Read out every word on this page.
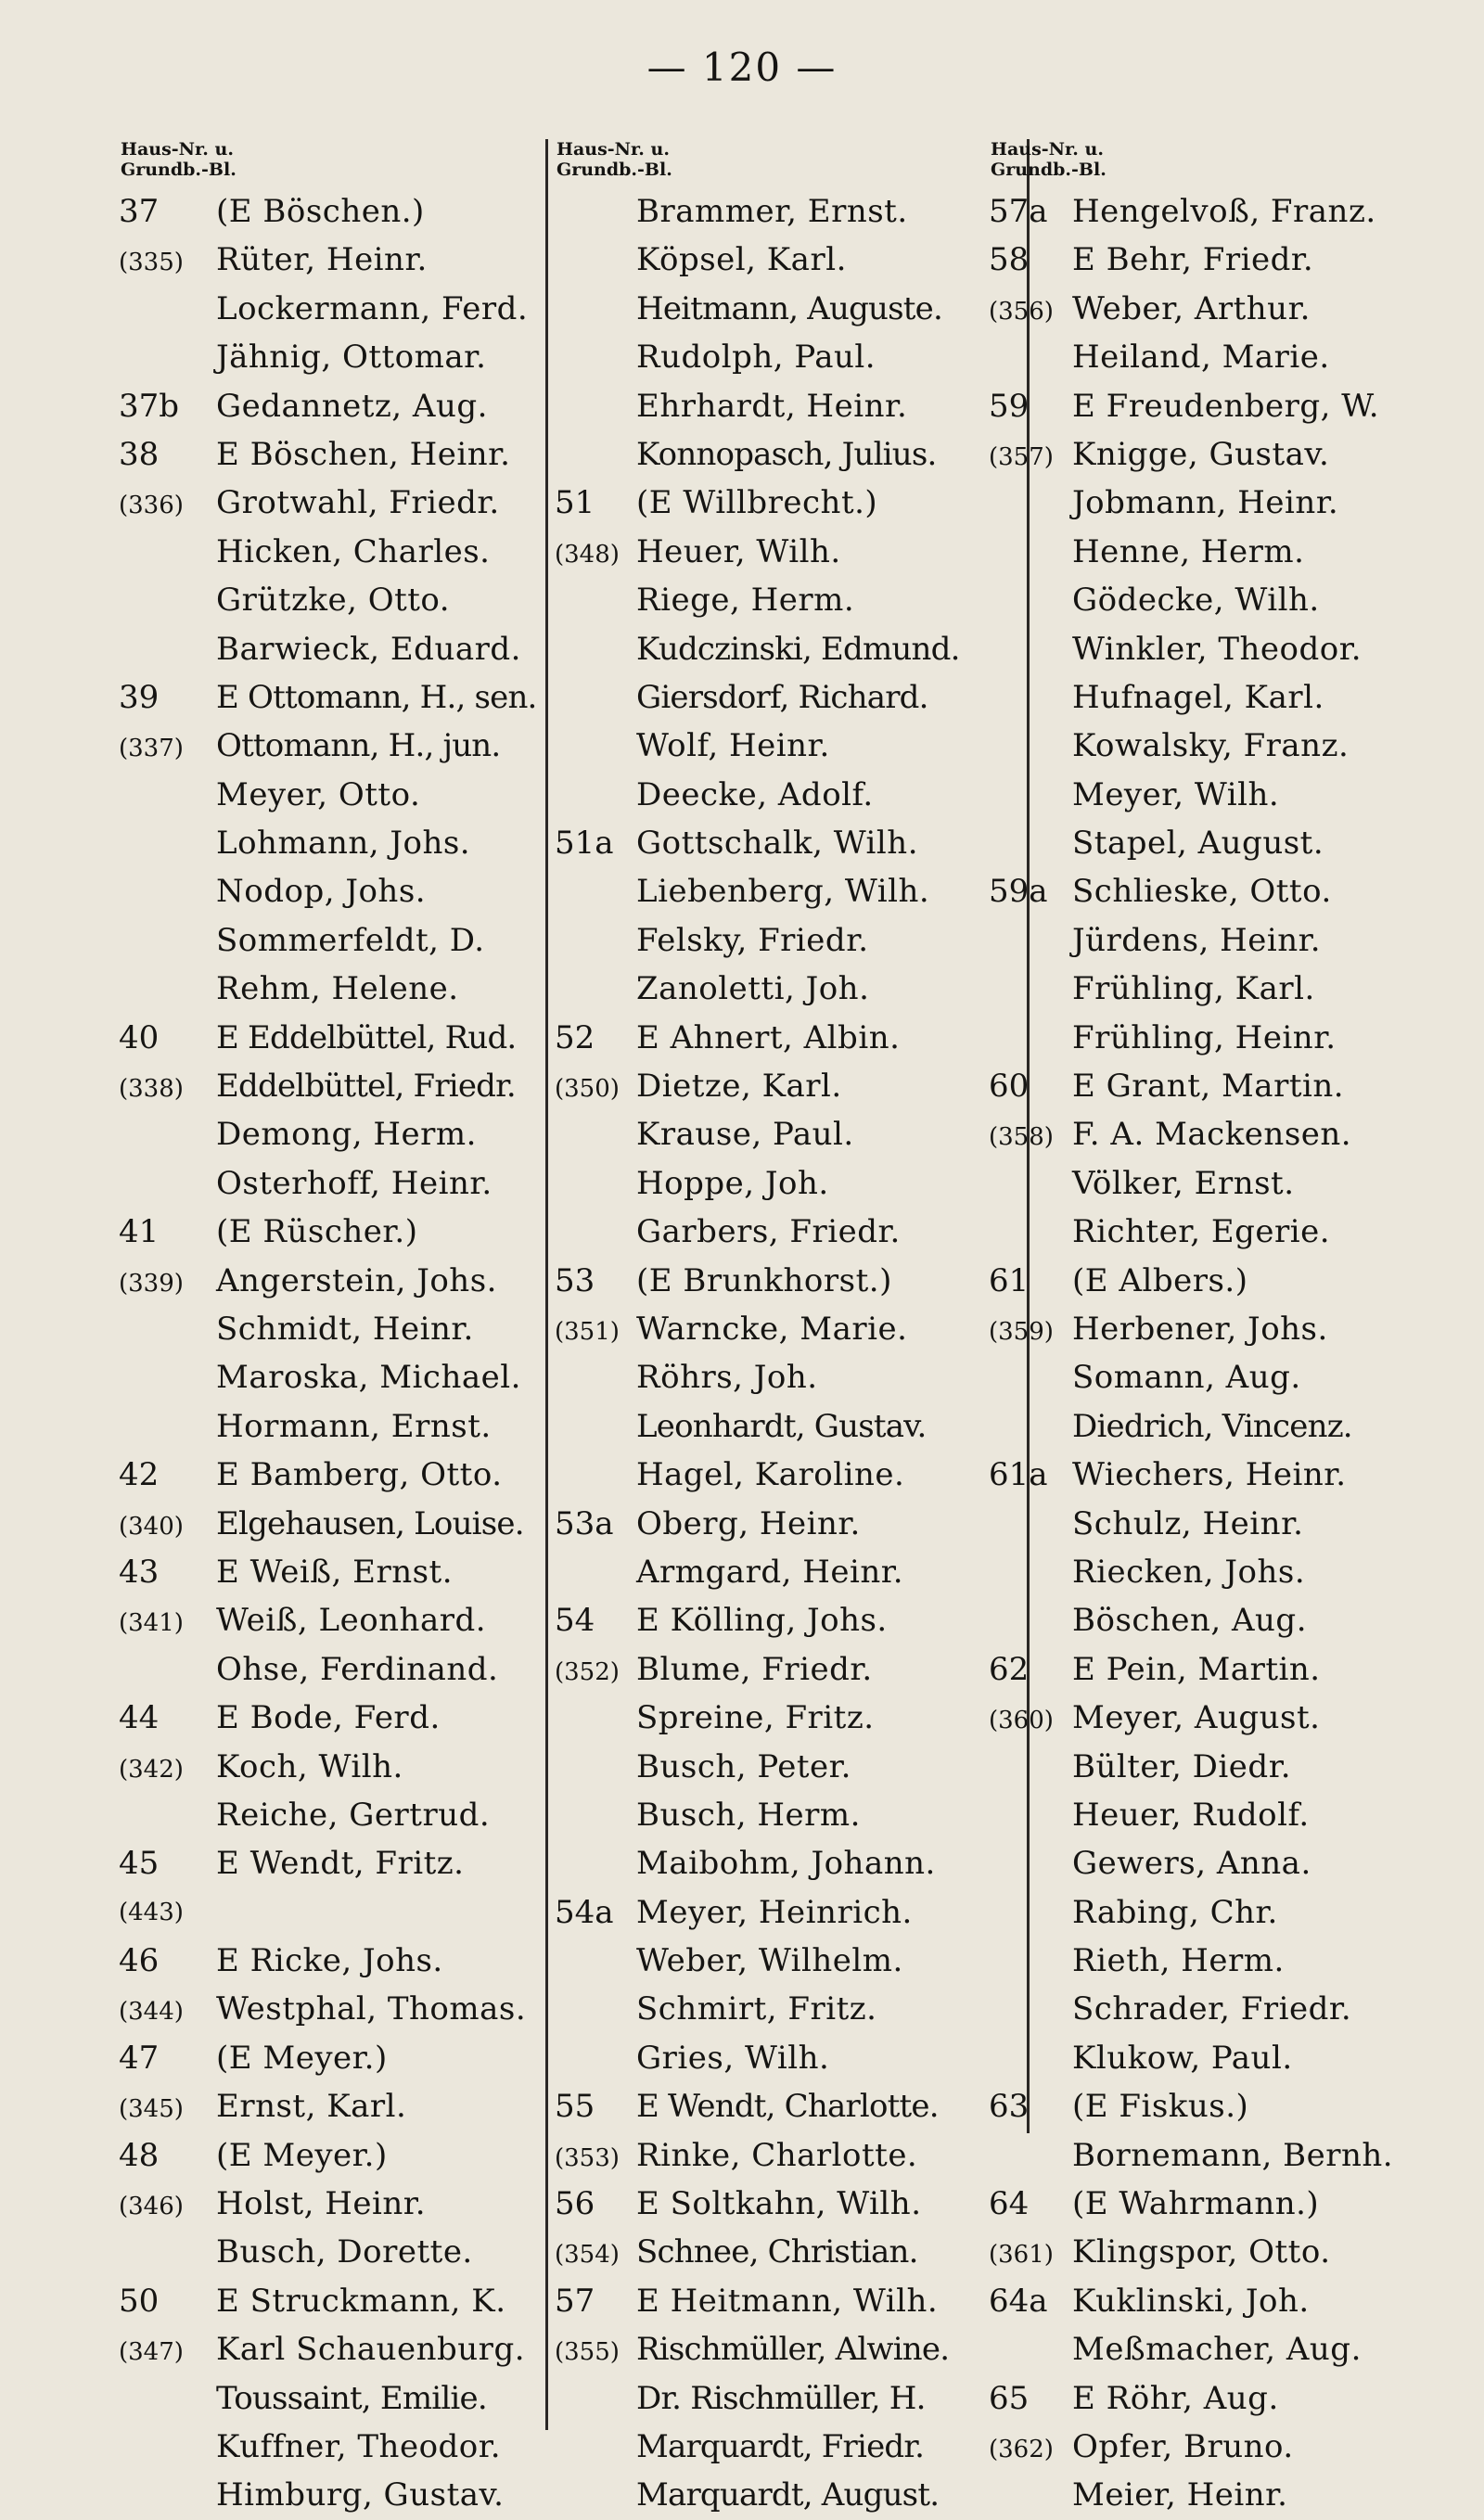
— 120 —
Haus-Nr. u.
Grundb.-Bl.
37	(E Böschen.)
(335)	Rüter, Heinr.
Lockermann, Ferd.
Jähnig, Ottomar.
37b	Gedannetz, Aug.
38	E Böschen, Heinr.
(336)	Grotwahl, Friedr.
Hicken, Charles.
Grützke, Otto.
Barwieck, Eduard.
39	E Ottomann, H., sen.
(337)	Ottomann, H., jun.
Meyer, Otto.
Lohmann, Johs.
Nodop, Johs.
Sommerfeldt, D.
Rehm, Helene.
40	E Eddelbüttel, Rud.
(338)	Eddelbüttel, Friedr.
Demong, Herm.
Osterhoff, Heinr.
41	(E Rüscher.)
(339)	Angerstein, Johs.
Schmidt, Heinr.
Maroska, Michael.
Hormann, Ernst.
42	E Bamberg, Otto.
(340)	Elgehausen, Louise.
43	E Weiß, Ernst.
(341)	Weiß, Leonhard.
Ohse, Ferdinand.
44	E Bode, Ferd.
(342)	Koch, Wilh.
Reiche, Gertrud.
45	E Wendt, Fritz.
(443)
46	E Ricke, Johs.
(344)	Westphal, Thomas.
47	(E Meyer.)
(345)	Ernst, Karl.
48	(E Meyer.)
(346)	Holst, Heinr.
Busch, Dorette.
50	E Struckmann, K.
(347)	Karl Schauenburg.
Toussaint, Emilie.
Kuffner, Theodor.
Himburg, Gustav.
Haus-Nr. u.
Grundb.-Bl.
Brammer, Ernst.
Köpsel, Karl.
Heitmann, Auguste.
Rudolph, Paul.
Ehrhardt, Heinr.
Konnopasch, Julius.
51	(E Willbrecht.)
(348) Heuer, Wilh.
Riege, Herm.
Kudczinski, Edmund.
Giersdorf, Richard.
Wolf, Heinr.
Deecke, Adolf.
51a Gottschalk, Wilh.
Liebenberg, Wilh.
Felsky, Friedr.
Zanoletti, Joh.
52	E Ahnert, Albin.
(350) Dietze, Karl.
Krause, Paul.
Hoppe, Joh.
Garbers, Friedr.
53	(E Brunkhorst.)
(351) Warncke, Marie.
Röhrs, Joh.
Leonhardt, Gustav.
Hagel, Karoline.
53a Oberg, Heinr.
Armgard, Heinr.
54	E Kölling, Johs.
(352) Blume, Friedr.
Spreine, Fritz.
Busch, Peter.
Busch, Herm.
Maibohm, Johann.
54a Meyer, Heinrich.
Weber, Wilhelm.
Schmirt, Fritz.
Gries, Wilh.
55	E Wendt, Charlotte.
(353) Rinke, Charlotte.
56	E Soltkahn, Wilh.
(354) Schnee, Christian.
57	E Heitmann, Wilh.
(355) Rischmüller, Alwine.
Dr. Rischmüller, H.
Marquardt, Friedr.
Marquardt, August.
Haus-Nr. u.
Grundb.-Bl.
57a Hengelvoß, Franz.
58	E Behr, Friedr.
(356) Weber, Arthur.
Heiland, Marie.
59	E Freudenberg, W.
(357) Knigge, Gustav.
Jobmann, Heinr.
Henne, Herm.
Gödecke, Wilh.
Winkler, Theodor.
Hufnagel, Karl.
Kowalsky, Franz.
Meyer, Wilh.
Stapel, August.
59a Schlieske, Otto.
Jürdens, Heinr.
Frühling, Karl.
Frühling, Heinr.
60	E Grant, Martin.
(358) F. A. Mackensen.
Völker, Ernst.
Richter, Egerie.
61	(E Albers.)
(359) Herbener, Johs.
Somann, Aug.
Diedrich, Vincenz.
61a Wiechers, Heinr.
Schulz, Heinr.
Riecken, Johs.
Böschen, Aug.
62	E Pein, Martin.
(360) Meyer, August.
Bülter, Diedr.
Heuer, Rudolf.
Gewers, Anna.
Rabing, Chr.
Rieth, Herm.
Schrader, Friedr.
Klukow, Paul.
63	(E Fiskus.)
Bornemann, Bernh.
64	(E Wahrmann.)
(361) Klingspor, Otto.
64a Kuklinski, Joh.
Meßmacher, Aug.
65	E Röhr, Aug.
(362) Opfer, Bruno.
Meier, Heinr.
